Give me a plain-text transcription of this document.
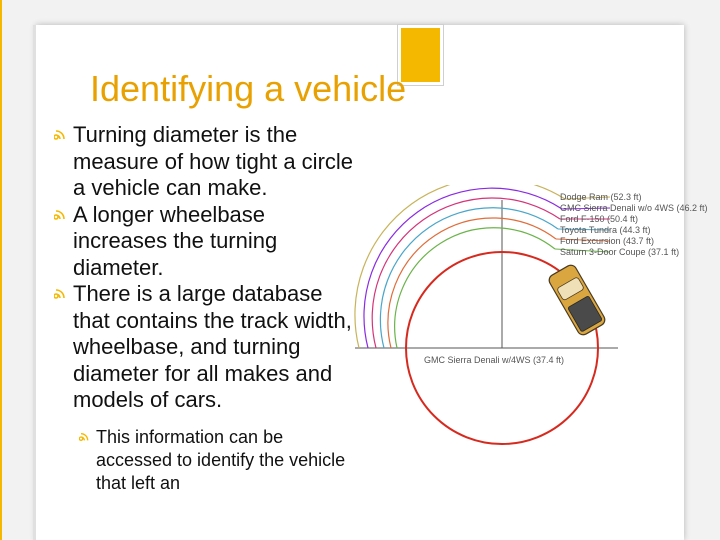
Identifying a vehicle
Turning diameter is the measure of how tight a circle a vehicle can make.
A longer wheelbase increases the turning diameter.
There is a large database that contains the track width, wheelbase, and turning diameter for all makes and models of cars.
This information can be accessed to identify the vehicle that left an
Dodge Ram (52.3 ft)
GMC Sierra Denali w/o 4WS (46.2 ft)
Ford F-150 (50.4 ft)
Toyota Tundra (44.3 ft)
Ford Excursion (43.7 ft)
Saturn 3-Door Coupe (37.1 ft)
GMC Sierra Denali w/4WS (37.4 ft)
